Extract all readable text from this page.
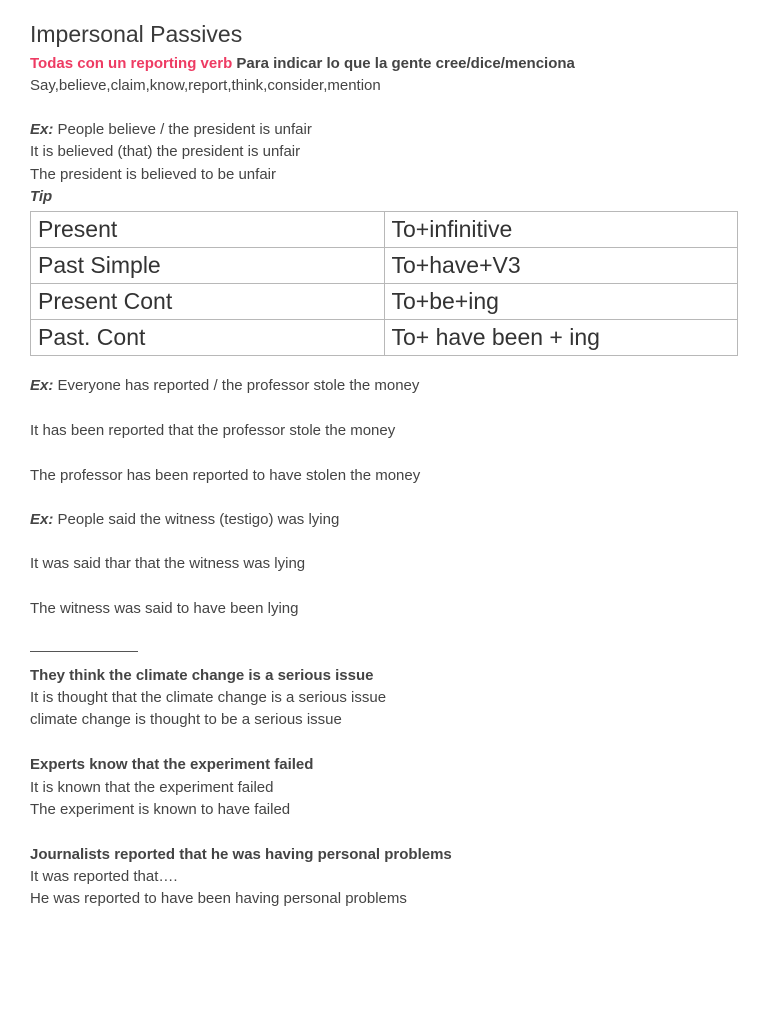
Impersonal Passives
Todas con un reporting verb Para indicar lo que la gente cree/dice/menciona
Say,believe,claim,know,report,think,consider,mention
Ex: People believe / the president is unfair
It is believed (that) the president is unfair
The president is believed to be unfair
Tip
Present	To+infinitive
Past Simple	To+have+V3
Present Cont	To+be+ing
Past. Cont	To+ have been + ing
Ex: Everyone has reported / the professor stole the money
It has been reported that the professor stole the money
The professor has been reported to have stolen the money
Ex: People said the witness (testigo) was lying
It was said thar that the witness was lying
The witness was said to have been lying
They think the climate change is a serious issue
It is thought that the climate change is a serious issue
climate change is thought to be a serious issue
Experts know that the experiment failed
It is known that the experiment failed
The experiment is known to have failed
Journalists reported that he was having personal problems
It was reported that….
He was reported to have been having personal problems
